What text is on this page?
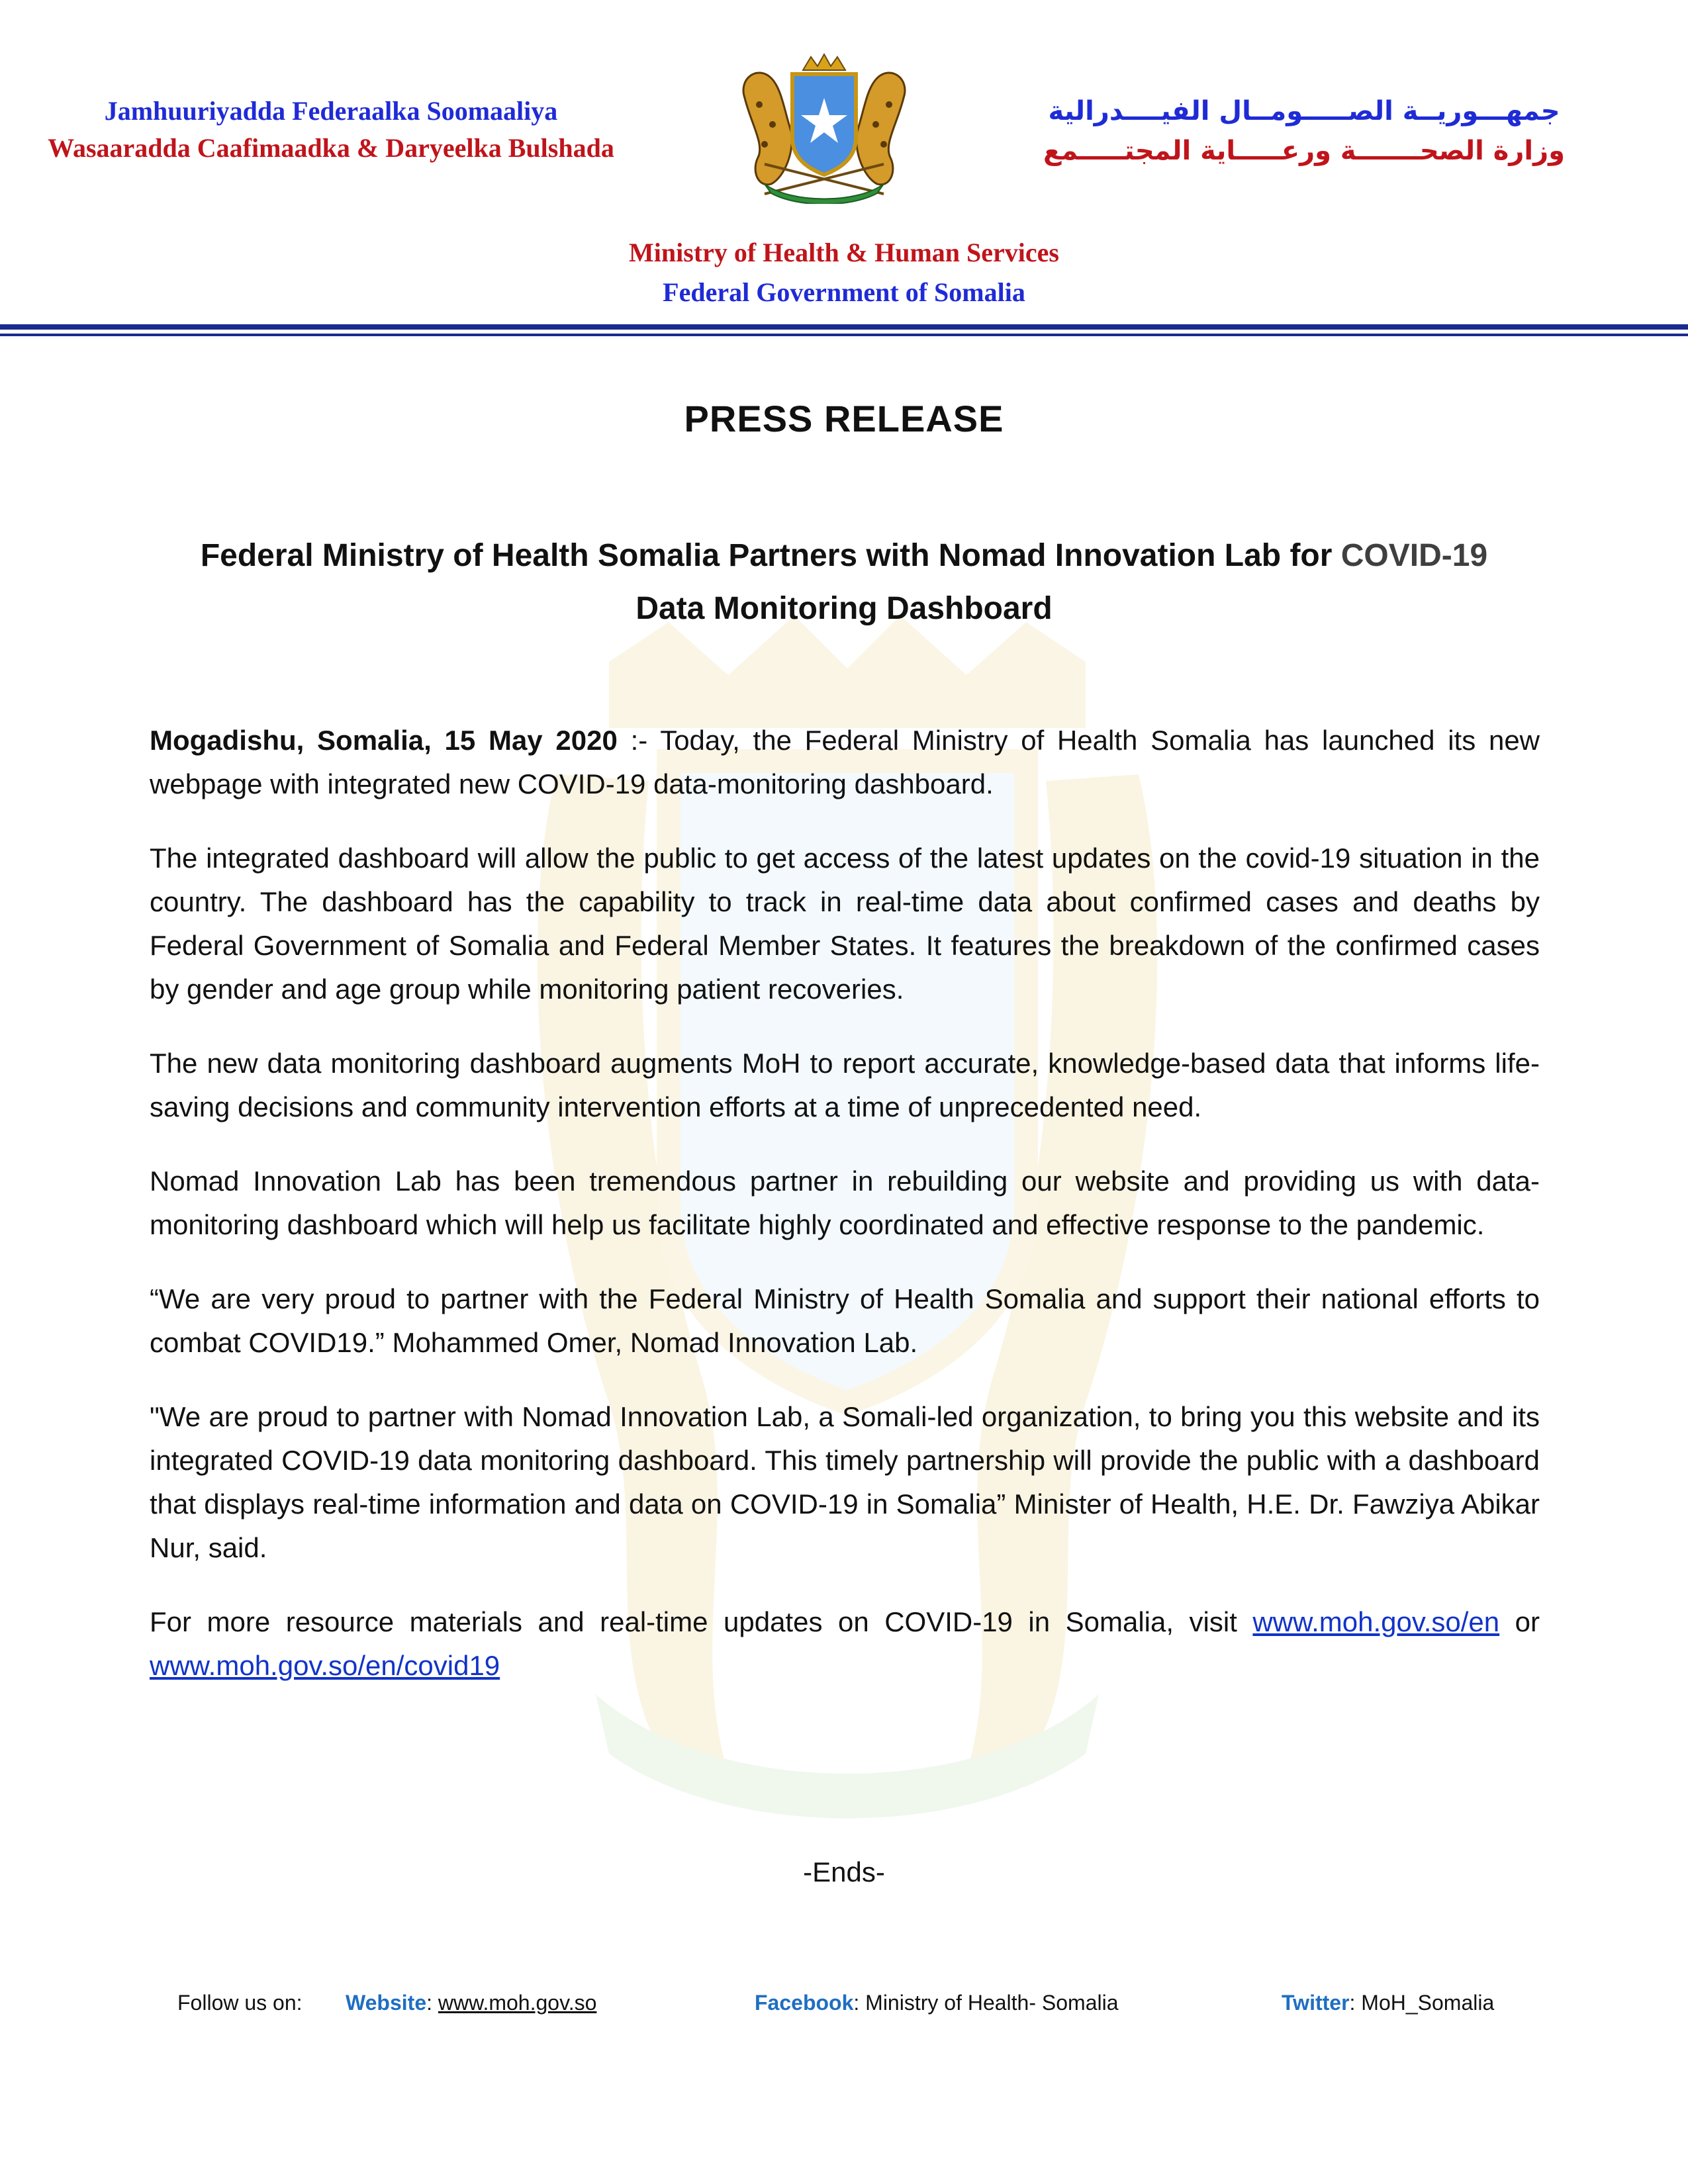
Jamhuuriyadda Federaalka Soomaaliya
Wasaaradda Caafimaadka & Daryeelka Bulshada
جمهـــوريــة الصـــــومــال الفيــــدرالية
وزارة الصحـــــــة ورعـــــاية المجتـــــمع
Ministry of Health & Human Services
Federal Government of Somalia
PRESS RELEASE
Federal Ministry of Health Somalia Partners with Nomad Innovation Lab for COVID-19
Data Monitoring Dashboard

Mogadishu, Somalia, 15 May 2020 :- Today, the Federal Ministry of Health Somalia has launched its new webpage with integrated new COVID-19 data-monitoring dashboard.

The integrated dashboard will allow the public to get access of the latest updates on the covid-19 situation in the country. The dashboard has the capability to track in real-time data about confirmed cases and deaths by Federal Government of Somalia and Federal Member States. It features the breakdown of the confirmed cases by gender and age group while monitoring patient recoveries.

The new data monitoring dashboard augments MoH to report accurate, knowledge-based data that informs life-saving decisions and community intervention efforts at a time of unprecedented need.

Nomad Innovation Lab has been tremendous partner in rebuilding our website and providing us with data-monitoring dashboard which will help us facilitate highly coordinated and effective response to the pandemic.

“We are very proud to partner with the Federal Ministry of Health Somalia and support their national efforts to combat COVID19.” Mohammed Omer, Nomad Innovation Lab.

"We are proud to partner with Nomad Innovation Lab, a Somali-led organization, to bring you this website and its integrated COVID-19 data monitoring dashboard. This timely partnership will provide the public with a dashboard that displays real-time information and data on COVID-19 in Somalia” Minister of Health, H.E. Dr. Fawziya Abikar Nur, said.

For more resource materials and real-time updates on COVID-19 in Somalia, visit www.moh.gov.so/en or www.moh.gov.so/en/covid19

-Ends-
Follow us on: Website: www.moh.gov.so	Facebook: Ministry of Health- Somalia	Twitter: MoH_Somalia
